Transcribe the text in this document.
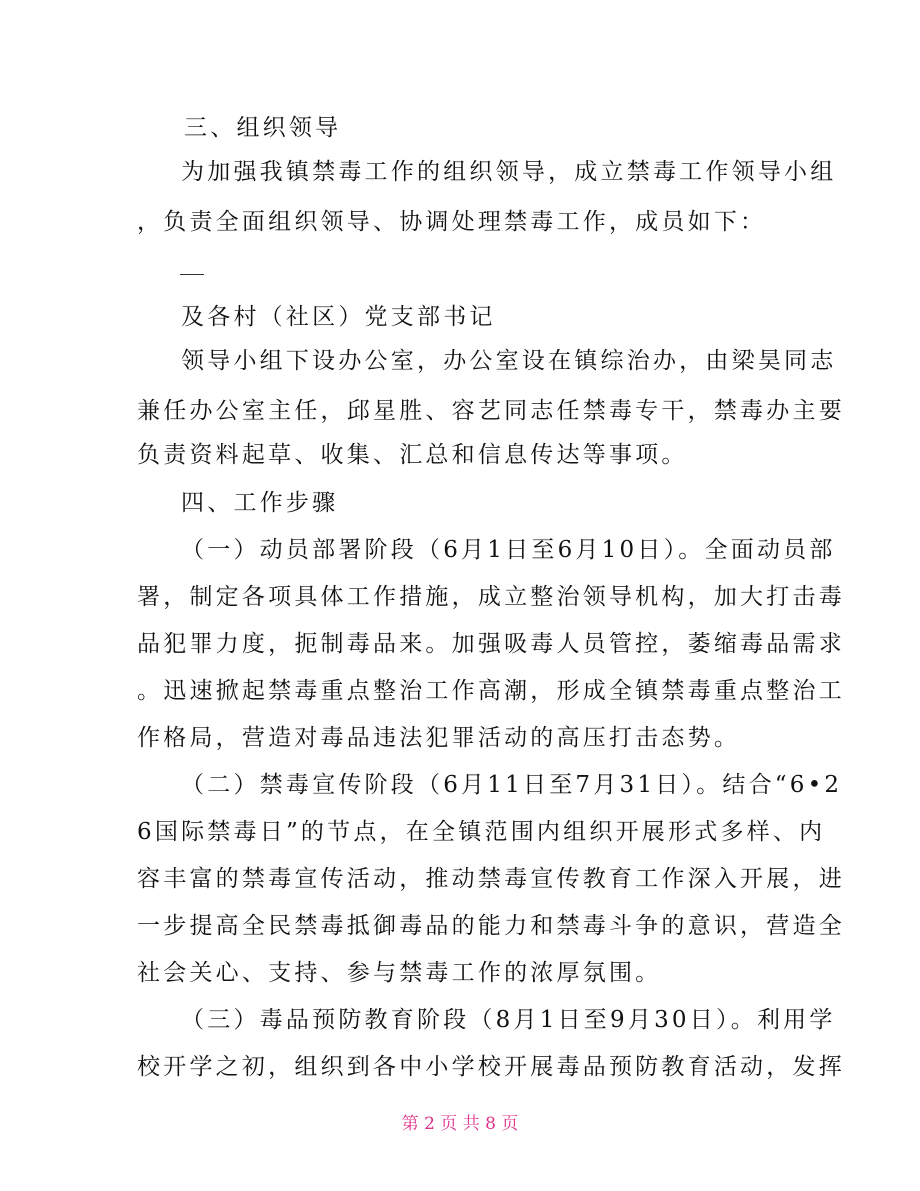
三、组织领导
为加强我镇禁毒工作的组织领导，成立禁毒工作领导小组
，负责全面组织领导、协调处理禁毒工作，成员如下：
及各村（社区）党支部书记
领导小组下设办公室，办公室设在镇综治办，由梁昊同志
兼任办公室主任，邱星胜、容艺同志任禁毒专干，禁毒办主要
负责资料起草、收集、汇总和信息传达等事项。
四、工作步骤
（一）动员部署阶段（6月1日至6月10日）。全面动员部
署，制定各项具体工作措施，成立整治领导机构，加大打击毒
品犯罪力度，扼制毒品来。加强吸毒人员管控，萎缩毒品需求
。迅速掀起禁毒重点整治工作高潮，形成全镇禁毒重点整治工
作格局，营造对毒品违法犯罪活动的高压打击态势。
（二）禁毒宣传阶段（6月11日至7月31日）。结合“6•2
6国际禁毒日”的节点，在全镇范围内组织开展形式多样、内
容丰富的禁毒宣传活动，推动禁毒宣传教育工作深入开展，进
一步提高全民禁毒抵御毒品的能力和禁毒斗争的意识，营造全
社会关心、支持、参与禁毒工作的浓厚氛围。
（三）毒品预防教育阶段（8月1日至9月30日）。利用学
校开学之初，组织到各中小学校开展毒品预防教育活动，发挥
第 2 页 共 8 页
